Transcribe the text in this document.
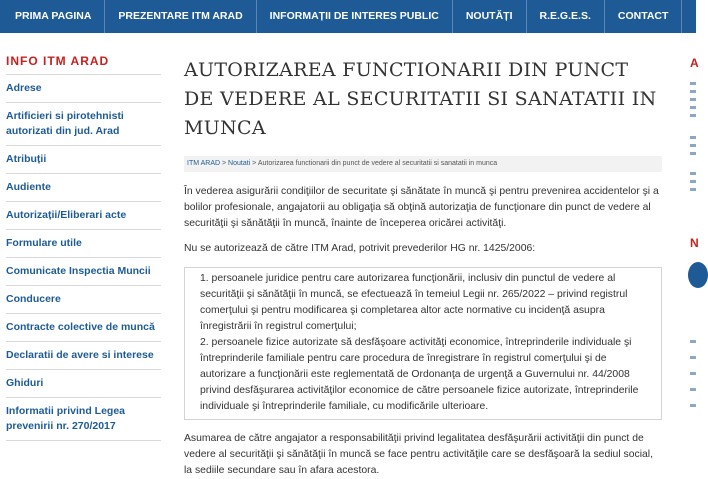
PRIMA PAGINA	PREZENTARE ITM ARAD	INFORMAȚII DE INTERES PUBLIC	NOUTĂȚI	R.E.G.E.S.	CONTACT
INFO ITM ARAD
Adrese
Artificieri si pirotehnisti autorizati din jud. Arad
Atribuții
Audiente
Autorizații/Eliberari acte
Formulare utile
Comunicate Inspectia Muncii
Conducere
Contracte colective de muncă
Declaratii de avere si interese
Ghiduri
Informatii privind Legea prevenirii nr. 270/2017
AUTORIZAREA FUNCTIONARII DIN PUNCT DE VEDERE AL SECURITATII SI SANATATII IN MUNCA
ITM ARAD > Noutati > Autorizarea functionarii din punct de vedere al securitatii si sanatatii in munca

În vederea asigurării condiţiilor de securitate şi sănătate în muncă şi pentru prevenirea accidentelor şi a bolilor profesionale, angajatorii au obligaţia să obţină autorizaţia de funcţionare din punct de vedere al securităţii şi sănătăţii în muncă, înainte de începerea oricărei activităţi.

Nu se autorizează de către ITM Arad, potrivit prevederilor HG nr. 1425/2006:

1. persoanele juridice pentru care autorizarea funcţionării, inclusiv din punctul de vedere al securităţii şi sănătăţii în muncă, se efectuează în temeiul Legii nr. 265/2022 – privind registrul comerţului şi pentru modificarea şi completarea altor acte normative cu incidenţă asupra înregistrării în registrul comerţului;
2. persoanele fizice autorizate să desfăşoare activităţi economice, întreprinderile individuale şi întreprinderile familiale pentru care procedura de înregistrare în registrul comerţului şi de autorizare a funcţionării este reglementată de Ordonanţa de urgenţă a Guvernului nr. 44/2008 privind desfăşurarea activităţilor economice de către persoanele fizice autorizate, întreprinderile individuale şi întreprinderile familiale, cu modificările ulterioare.

Asumarea de către angajator a responsabilităţii privind legalitatea desfăşurării activităţii din punct de vedere al securităţii şi sănătăţii în muncă se face pentru activităţile care se desfăşoară la sediul social, la sediile secundare sau în afara acestora.

A
N
